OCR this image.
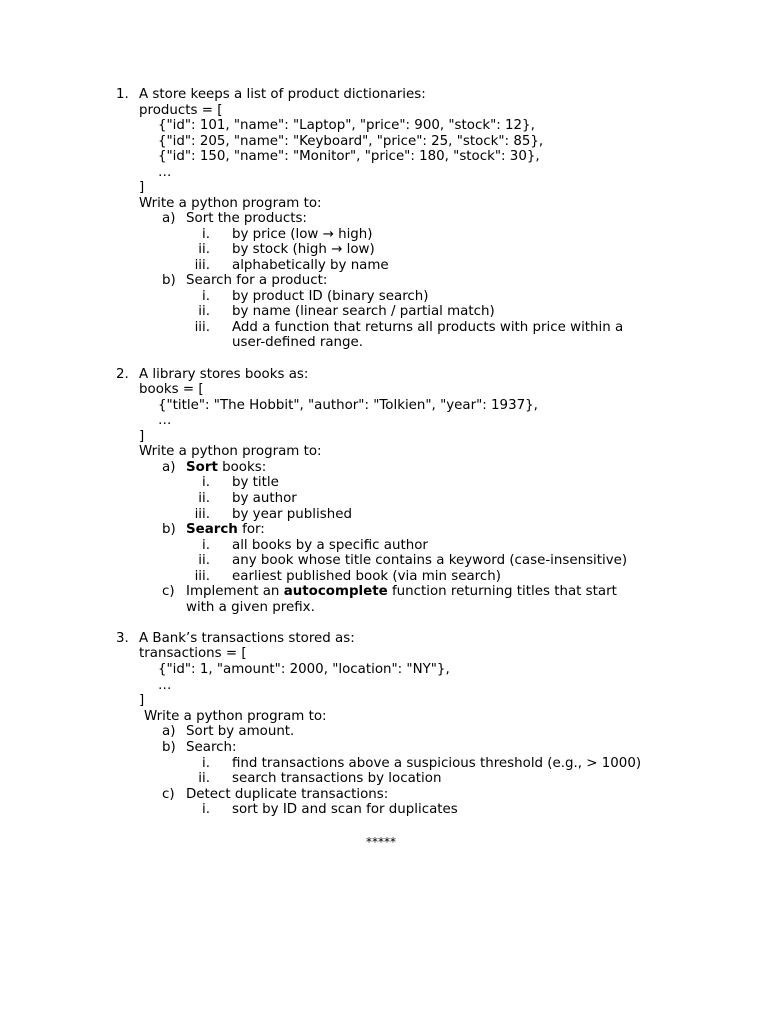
1. A store keeps a list of product dictionaries:
products = [
{"id": 101, "name": "Laptop", "price": 900, "stock": 12},
{"id": 205, "name": "Keyboard", "price": 25, "stock": 85},
{"id": 150, "name": "Monitor", "price": 180, "stock": 30},
…
]
Write a python program to:
a) Sort the products:
i. by price (low → high)
ii. by stock (high → low)
iii. alphabetically by name
b) Search for a product:
i. by product ID (binary search)
ii. by name (linear search / partial match)
iii. Add a function that returns all products with price within a
user-defined range.
2. A library stores books as:
books = [
{"title": "The Hobbit", "author": "Tolkien", "year": 1937},
…
]
Write a python program to:
a) Sort books:
i. by title
ii. by author
iii. by year published
b) Search for:
i. all books by a specific author
ii. any book whose title contains a keyword (case-insensitive)
iii. earliest published book (via min search)
c) Implement an autocomplete function returning titles that start
with a given prefix.
3. A Bank’s transactions stored as:
transactions = [
{"id": 1, "amount": 2000, "location": "NY"},
…
]
Write a python program to:
a) Sort by amount.
b) Search:
i. find transactions above a suspicious threshold (e.g., > 1000)
ii. search transactions by location
c) Detect duplicate transactions:
i. sort by ID and scan for duplicates
*****
